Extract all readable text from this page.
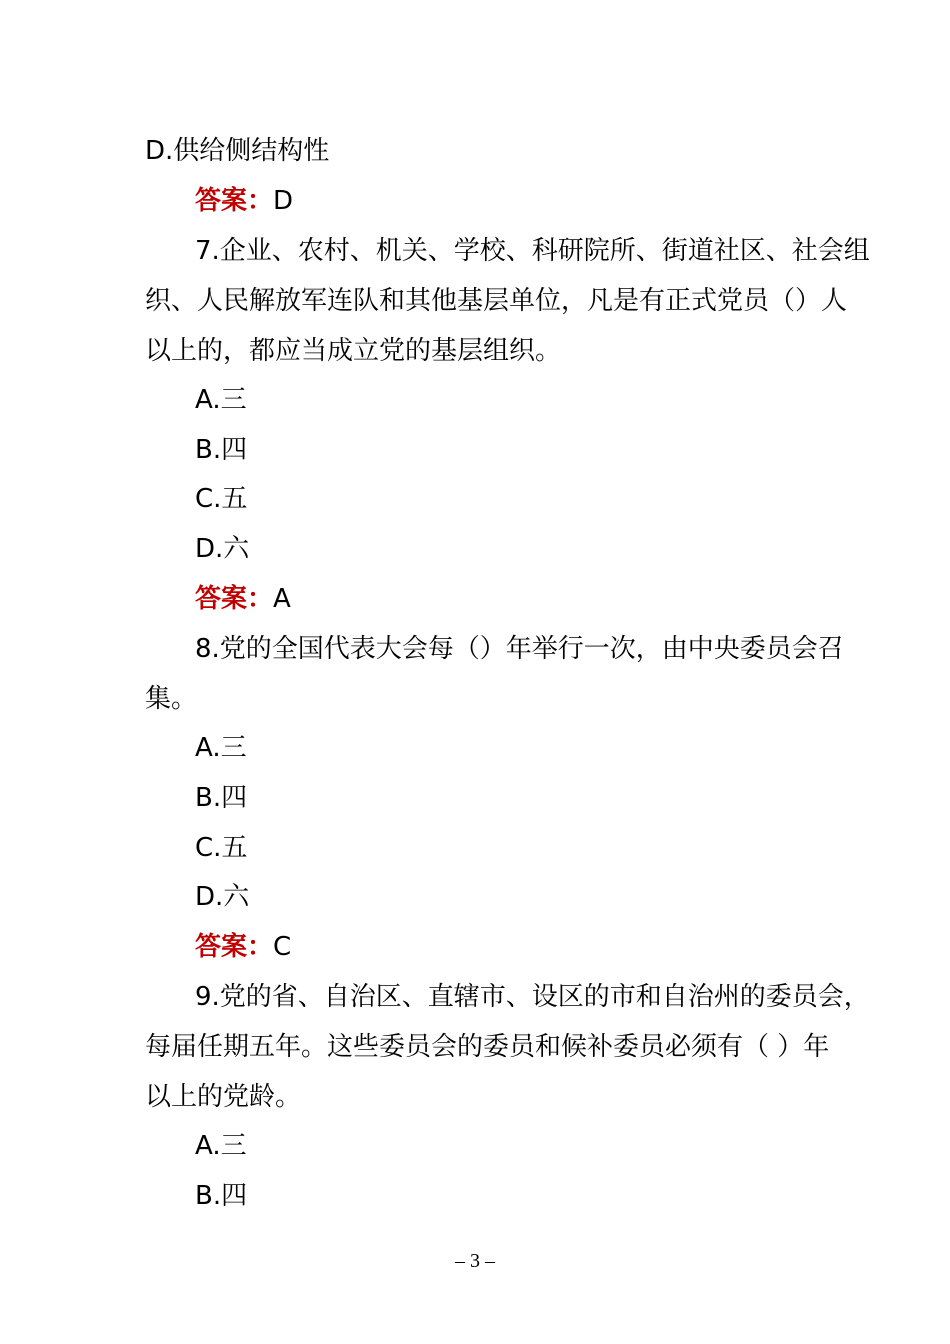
D.供给侧结构性
答案：D
7.企业、农村、机关、学校、科研院所、街道社区、社会组
织、人民解放军连队和其他基层单位，凡是有正式党员（）人
以上的，都应当成立党的基层组织。
A.三
B.四
C.五
D.六
答案：A
8.党的全国代表大会每（）年举行一次，由中央委员会召
集。
A.三
B.四
C.五
D.六
答案：C
9.党的省、自治区、直辖市、设区的市和自治州的委员会，
每届任期五年。这些委员会的委员和候补委员必须有（ ）年
以上的党龄。
A.三
B.四
– 3 –
